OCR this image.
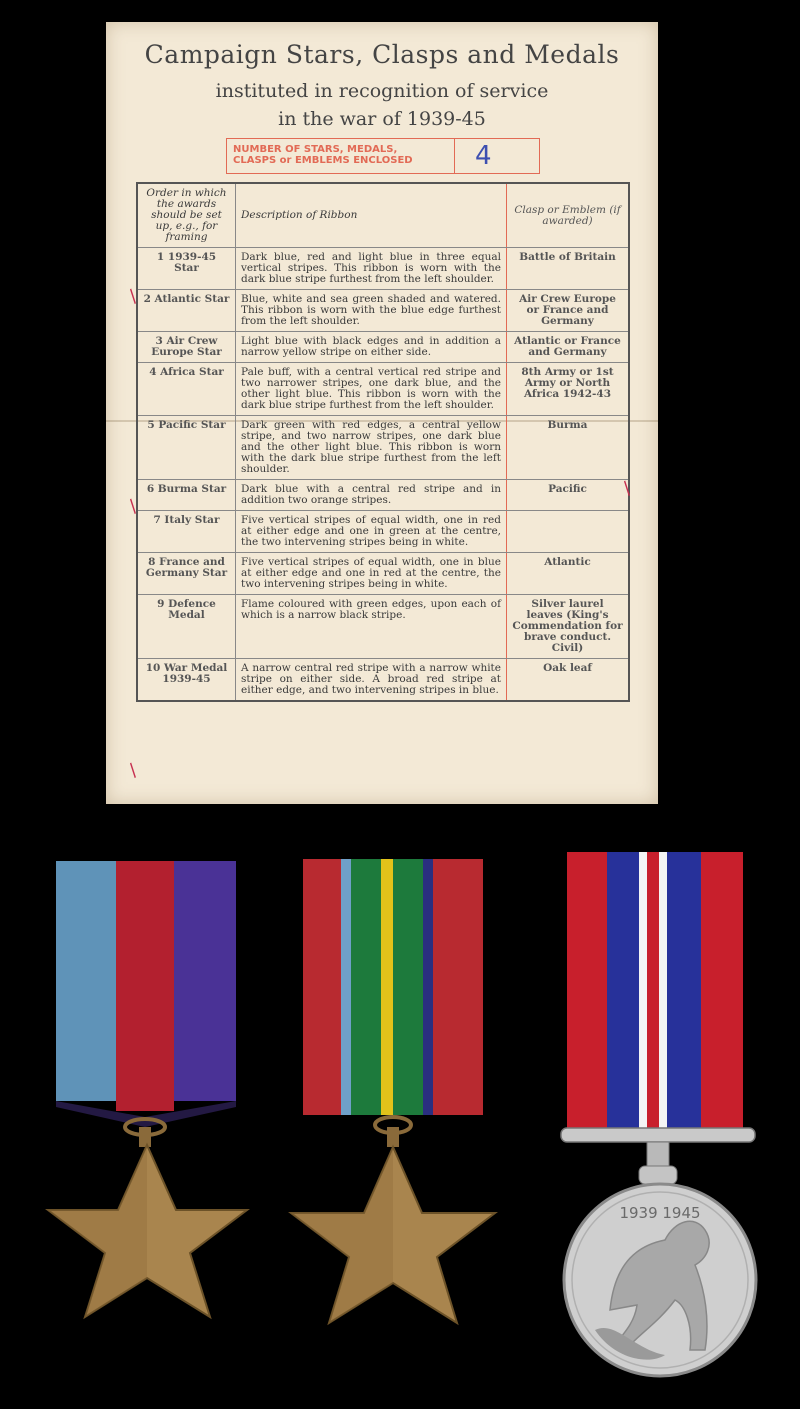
Campaign Stars, Clasps and Medals
instituted in recognition of service
in the war of 1939-45
NUMBER OF STARS, MEDALS,
CLASPS or EMBLEMS ENCLOSED	4
Order in which the awards should be set up, e.g., for framing	Description of Ribbon	Clasp or Emblem (if awarded)
1 1939-45 Star	Dark blue, red and light blue in three equal vertical stripes. This ribbon is worn with the dark blue stripe furthest from the left shoulder.	Battle of Britain
2 Atlantic Star	Blue, white and sea green shaded and watered. This ribbon is worn with the blue edge furthest from the left shoulder.	Air Crew Europe or France and Germany
3 Air Crew Europe Star	Light blue with black edges and in addition a narrow yellow stripe on either side.	Atlantic or France and Germany
4 Africa Star	Pale buff, with a central vertical red stripe and two narrower stripes, one dark blue, and the other light blue. This ribbon is worn with the dark blue stripe furthest from the left shoulder.	8th Army or 1st Army or North Africa 1942-43
5 Pacific Star	Dark green with red edges, a central yellow stripe, and two narrow stripes, one dark blue and the other light blue. This ribbon is worn with the dark blue stripe furthest from the left shoulder.	Burma
6 Burma Star	Dark blue with a central red stripe and in addition two orange stripes.	Pacific
7 Italy Star	Five vertical stripes of equal width, one in red at either edge and one in green at the centre, the two intervening stripes being in white.	
8 France and Germany Star	Five vertical stripes of equal width, one in blue at either edge and one in red at the centre, the two intervening stripes being in white.	Atlantic
9 Defence Medal	Flame coloured with green edges, upon each of which is a narrow black stripe.	Silver laurel leaves (King's Commendation for brave conduct. Civil)
10 War Medal 1939-45	A narrow central red stripe with a narrow white stripe on either side. A broad red stripe at either edge, and two intervening stripes in blue.	Oak leaf
/
/
/
/
1939 1945
